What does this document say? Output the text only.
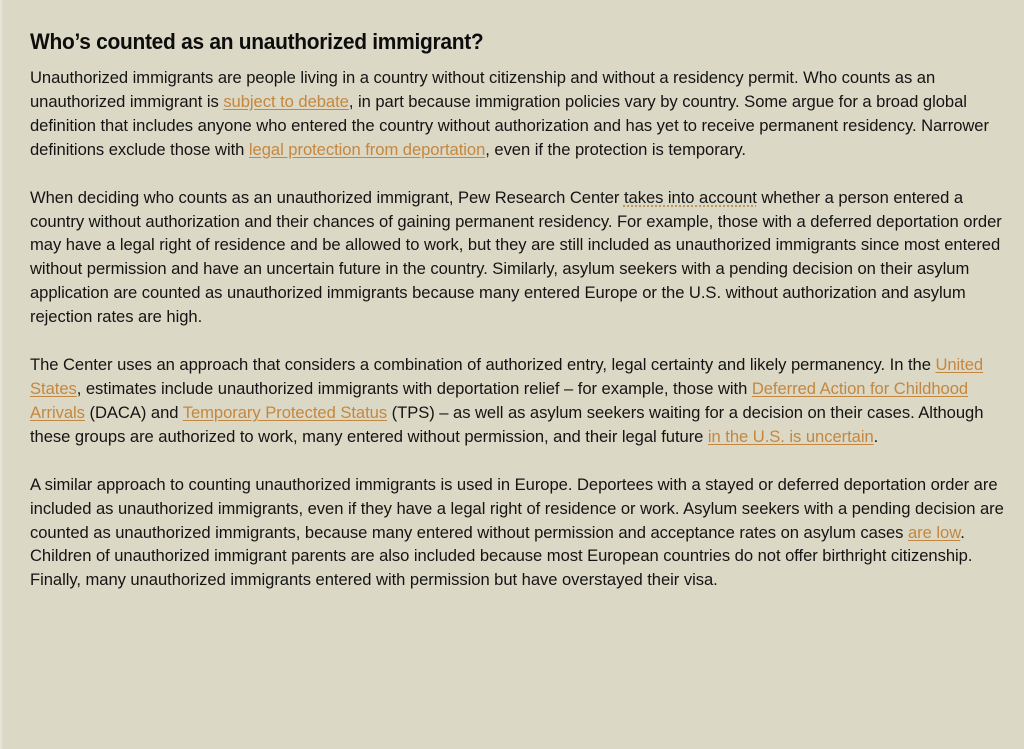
Who’s counted as an unauthorized immigrant?

Unauthorized immigrants are people living in a country without citizenship and without a residency permit. Who counts as an unauthorized immigrant is subject to debate, in part because immigration policies vary by country. Some argue for a broad global definition that includes anyone who entered the country without authorization and has yet to receive permanent residency. Narrower definitions exclude those with legal protection from deportation, even if the protection is temporary.

When deciding who counts as an unauthorized immigrant, Pew Research Center takes into account whether a person entered a country without authorization and their chances of gaining permanent residency. For example, those with a deferred deportation order may have a legal right of residence and be allowed to work, but they are still included as unauthorized immigrants since most entered without permission and have an uncertain future in the country. Similarly, asylum seekers with a pending decision on their asylum application are counted as unauthorized immigrants because many entered Europe or the U.S. without authorization and asylum rejection rates are high.

The Center uses an approach that considers a combination of authorized entry, legal certainty and likely permanency. In the United States, estimates include unauthorized immigrants with deportation relief – for example, those with Deferred Action for Childhood Arrivals (DACA) and Temporary Protected Status (TPS) – as well as asylum seekers waiting for a decision on their cases. Although these groups are authorized to work, many entered without permission, and their legal future in the U.S. is uncertain.

A similar approach to counting unauthorized immigrants is used in Europe. Deportees with a stayed or deferred deportation order are included as unauthorized immigrants, even if they have a legal right of residence or work. Asylum seekers with a pending decision are counted as unauthorized immigrants, because many entered without permission and acceptance rates on asylum cases are low. Children of unauthorized immigrant parents are also included because most European countries do not offer birthright citizenship. Finally, many unauthorized immigrants entered with permission but have overstayed their visa.
